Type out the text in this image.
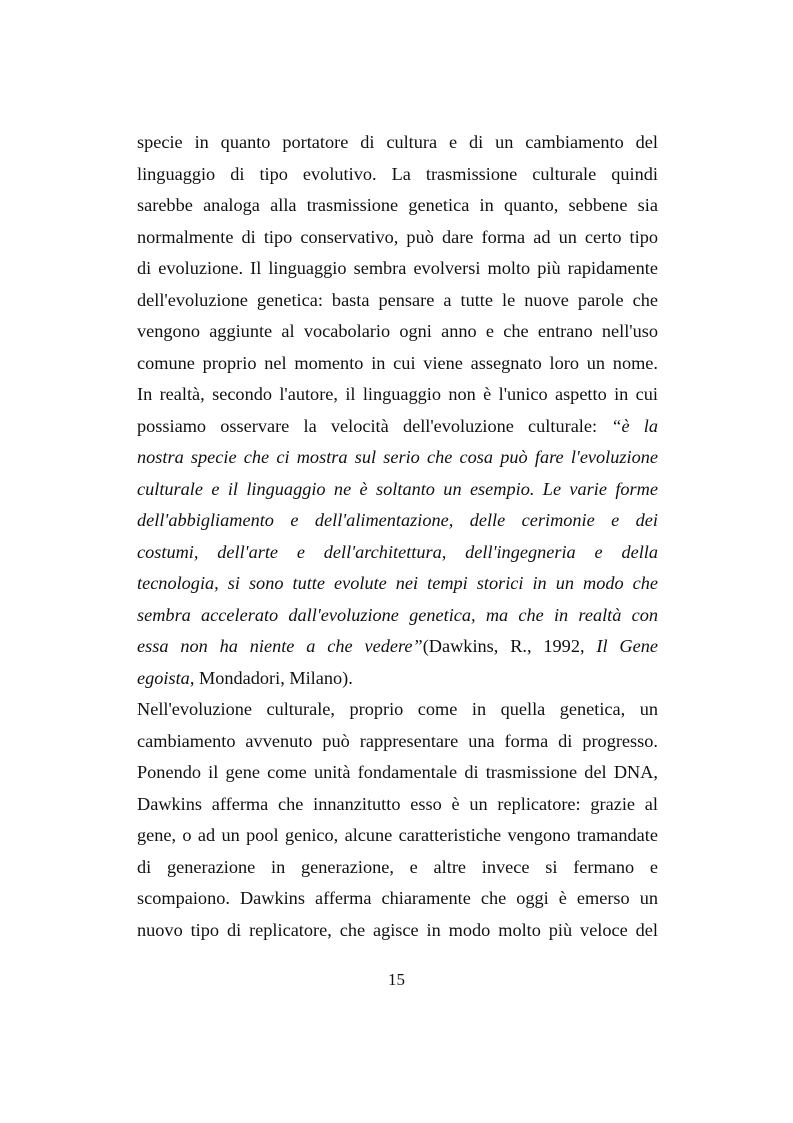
specie in quanto portatore di cultura e di un cambiamento del
linguaggio di tipo evolutivo. La trasmissione culturale quindi
sarebbe analoga alla trasmissione genetica in quanto, sebbene sia
normalmente di tipo conservativo, può dare forma ad un certo tipo
di evoluzione. Il linguaggio sembra evolversi molto più rapidamente
dell'evoluzione genetica: basta pensare a tutte le nuove parole che
vengono aggiunte al vocabolario ogni anno e che entrano nell'uso
comune proprio nel momento in cui viene assegnato loro un nome.
In realtà, secondo l'autore, il linguaggio non è l'unico aspetto in cui
possiamo osservare la velocità dell'evoluzione culturale: “è la
nostra specie che ci mostra sul serio che cosa può fare l'evoluzione
culturale e il linguaggio ne è soltanto un esempio. Le varie forme
dell'abbigliamento e dell'alimentazione, delle cerimonie e dei
costumi, dell'arte e dell'architettura, dell'ingegneria e della
tecnologia, si sono tutte evolute nei tempi storici in un modo che
sembra accelerato dall'evoluzione genetica, ma che in realtà con
essa non ha niente a che vedere”(Dawkins, R., 1992, Il Gene
egoista, Mondadori, Milano).
Nell'evoluzione culturale, proprio come in quella genetica, un
cambiamento avvenuto può rappresentare una forma di progresso.
Ponendo il gene come unità fondamentale di trasmissione del DNA,
Dawkins afferma che innanzitutto esso è un replicatore: grazie al
gene, o ad un pool genico, alcune caratteristiche vengono tramandate
di generazione in generazione, e altre invece si fermano e
scompaiono. Dawkins afferma chiaramente che oggi è emerso un
nuovo tipo di replicatore, che agisce in modo molto più veloce del
15
